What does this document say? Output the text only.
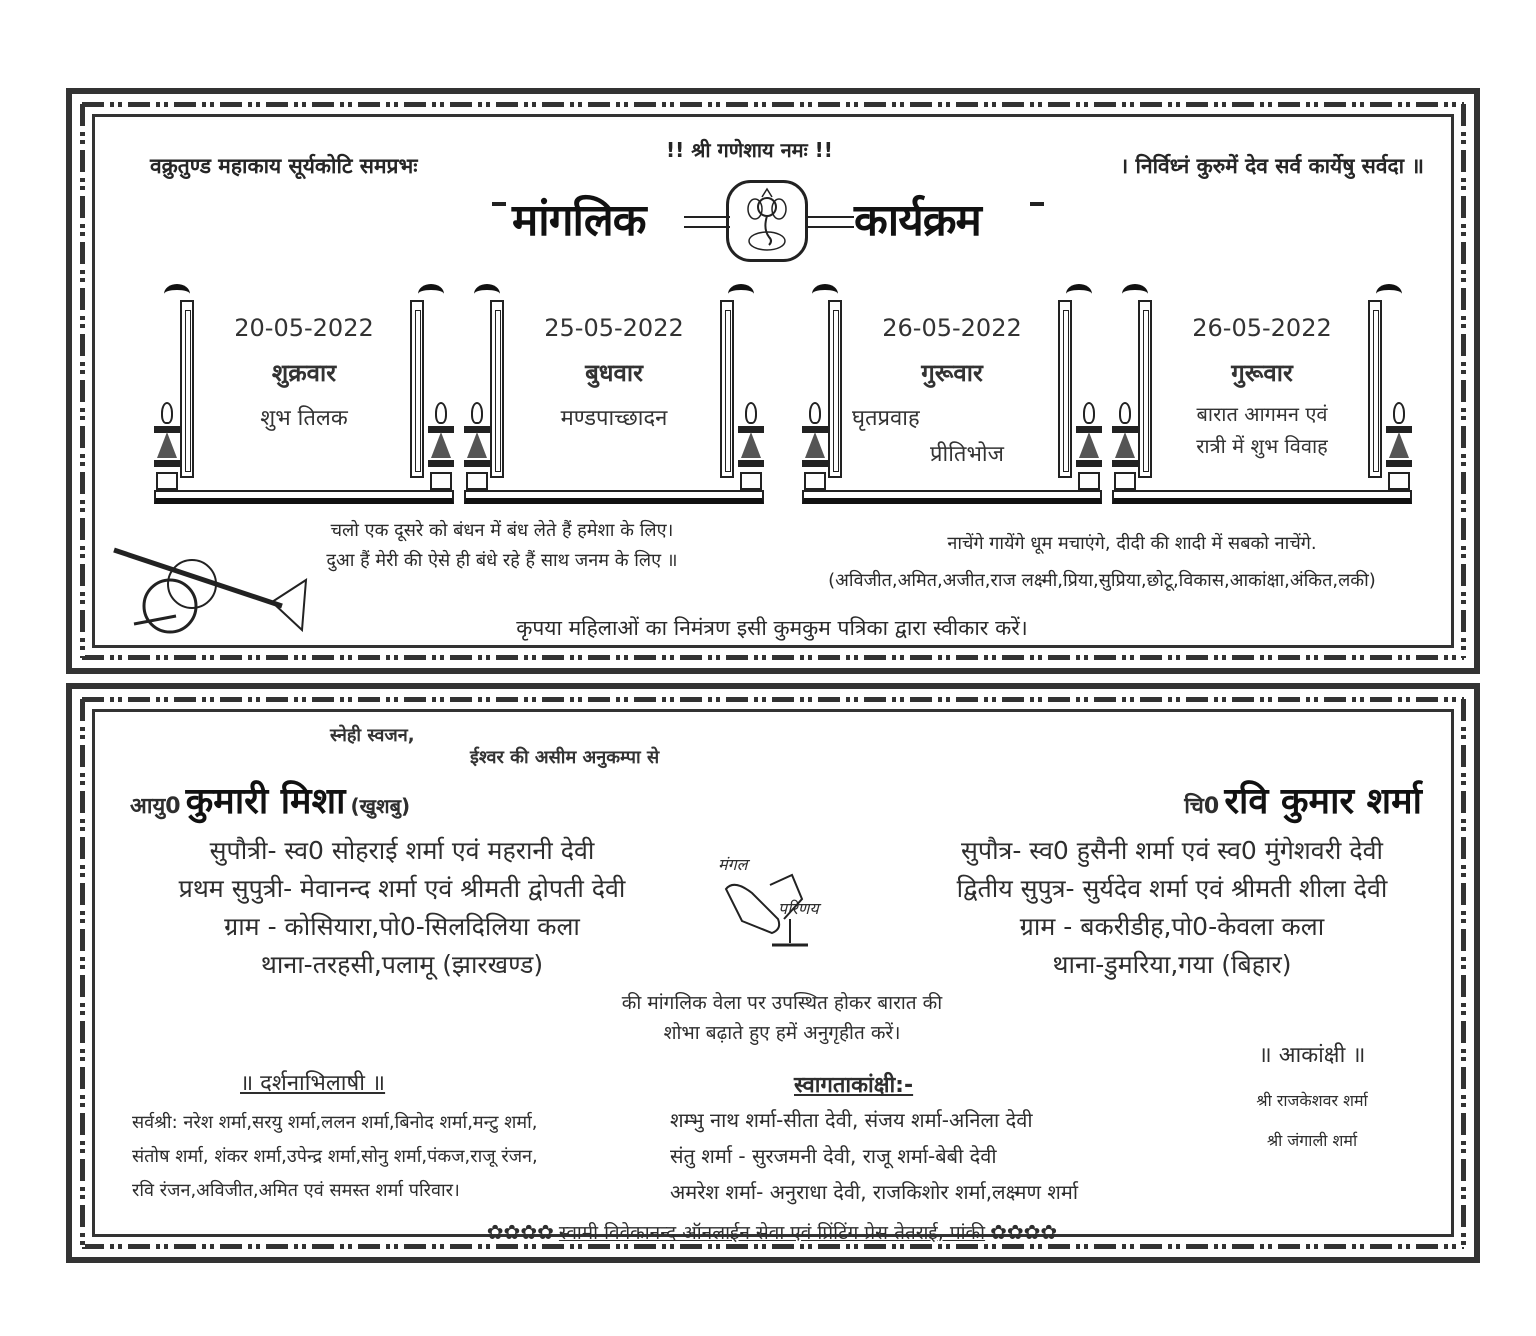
वक्रुतुण्ड महाकाय सूर्यकोटि समप्रभः
!! श्री गणेशाय नमः !!
। निर्विध्नं कुरुमें देव सर्व कार्येषु सर्वदा ॥
मांगलिक	कार्यक्रम
20-05-2022
शुक्रवार
शुभ तिलक
25-05-2022
बुधवार
मण्डपाच्छादन
26-05-2022
गुरूवार
घृतप्रवाह
प्रीतिभोज
26-05-2022
गुरूवार
बारात आगमन एवं
रात्री में शुभ विवाह
चलो एक दूसरे को बंधन में बंध लेते हैं हमेशा के लिए।
दुआ हैं मेरी की ऐसे ही बंधे रहे हैं साथ जनम के लिए ॥
नाचेंगे गायेंगे धूम मचाएंगे, दीदी की शादी में सबको नाचेंगे.
(अविजीत,अमित,अजीत,राज लक्ष्मी,प्रिया,सुप्रिया,छोटू,विकास,आकांक्षा,अंकित,लकी)
कृपया महिलाओं का निमंत्रण इसी कुमकुम पत्रिका द्वारा स्वीकार करें।
स्नेही स्वजन,
ईश्वर की असीम अनुकम्पा से
आयु0 कुमारी मिशा (खुशबु)
सुपौत्री- स्व0 सोहराई शर्मा एवं महरानी देवी
प्रथम सुपुत्री- मेवानन्द शर्मा एवं श्रीमती द्वोपती देवी
ग्राम - कोसियारा,पो0-सिलदिलिया कला
थाना-तरहसी,पलामू (झारखण्ड)
चि0 रवि कुमार शर्मा
सुपौत्र- स्व0 हुसैनी शर्मा एवं स्व0 मुंगेशवरी देवी
द्वितीय सुपुत्र- सुर्यदेव शर्मा एवं श्रीमती शीला देवी
ग्राम - बकरीडीह,पो0-केवला कला
थाना-डुमरिया,गया (बिहार)
मंगल
परिणय
की मांगलिक वेला पर उपस्थित होकर बारात की
शोभा बढ़ाते हुए हमें अनुगृहीत करें।
॥ दर्शनाभिलाषी ॥
सर्वश्री: नरेश शर्मा,सरयु शर्मा,ललन शर्मा,बिनोद शर्मा,मन्टु शर्मा,
संतोष शर्मा, शंकर शर्मा,उपेन्द्र शर्मा,सोनु शर्मा,पंकज,राजू रंजन,
रवि रंजन,अविजीत,अमित एवं समस्त शर्मा परिवार।
स्वागताकांक्षी:-
शम्भु नाथ शर्मा-सीता देवी, संजय शर्मा-अनिला देवी
संतु शर्मा - सुरजमनी देवी, राजू शर्मा-बेबी देवी
अमरेश शर्मा- अनुराधा देवी, राजकिशोर शर्मा,लक्ष्मण शर्मा
॥ आकांक्षी ॥
श्री राजकेशवर शर्मा
श्री जंगाली शर्मा
✿✿✿✿ स्वामी विवेकानन्द ऑनलाईन सेवा एवं प्रिंटिंग प्रेस तेतराई, पांकी ✿✿✿✿
